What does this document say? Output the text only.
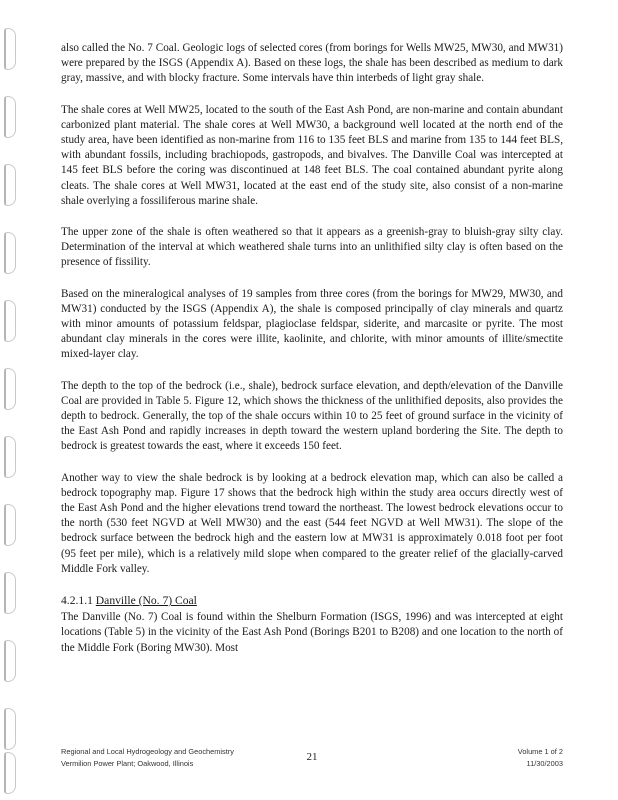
also called the No. 7 Coal. Geologic logs of selected cores (from borings for Wells MW25, MW30, and MW31) were prepared by the ISGS (Appendix A). Based on these logs, the shale has been described as medium to dark gray, massive, and with blocky fracture. Some intervals have thin interbeds of light gray shale.

The shale cores at Well MW25, located to the south of the East Ash Pond, are non-marine and contain abundant carbonized plant material. The shale cores at Well MW30, a background well located at the north end of the study area, have been identified as non-marine from 116 to 135 feet BLS and marine from 135 to 144 feet BLS, with abundant fossils, including brachiopods, gastropods, and bivalves. The Danville Coal was intercepted at 145 feet BLS before the coring was discontinued at 148 feet BLS. The coal contained abundant pyrite along cleats. The shale cores at Well MW31, located at the east end of the study site, also consist of a non-marine shale overlying a fossiliferous marine shale.

The upper zone of the shale is often weathered so that it appears as a greenish-gray to bluish-gray silty clay. Determination of the interval at which weathered shale turns into an unlithified silty clay is often based on the presence of fissility.

Based on the mineralogical analyses of 19 samples from three cores (from the borings for MW29, MW30, and MW31) conducted by the ISGS (Appendix A), the shale is composed principally of clay minerals and quartz with minor amounts of potassium feldspar, plagioclase feldspar, siderite, and marcasite or pyrite. The most abundant clay minerals in the cores were illite, kaolinite, and chlorite, with minor amounts of illite/smectite mixed-layer clay.

The depth to the top of the bedrock (i.e., shale), bedrock surface elevation, and depth/elevation of the Danville Coal are provided in Table 5. Figure 12, which shows the thickness of the unlithified deposits, also provides the depth to bedrock. Generally, the top of the shale occurs within 10 to 25 feet of ground surface in the vicinity of the East Ash Pond and rapidly increases in depth toward the western upland bordering the Site. The depth to bedrock is greatest towards the east, where it exceeds 150 feet.

Another way to view the shale bedrock is by looking at a bedrock elevation map, which can also be called a bedrock topography map. Figure 17 shows that the bedrock high within the study area occurs directly west of the East Ash Pond and the higher elevations trend toward the northeast. The lowest bedrock elevations occur to the north (530 feet NGVD at Well MW30) and the east (544 feet NGVD at Well MW31). The slope of the bedrock surface between the bedrock high and the eastern low at MW31 is approximately 0.018 foot per foot (95 feet per mile), which is a relatively mild slope when compared to the greater relief of the glacially-carved Middle Fork valley.

4.2.1.1 Danville (No. 7) Coal

The Danville (No. 7) Coal is found within the Shelburn Formation (ISGS, 1996) and was intercepted at eight locations (Table 5) in the vicinity of the East Ash Pond (Borings B201 to B208) and one location to the north of the Middle Fork (Boring MW30). Most

Regional and Local Hydrogeology and Geochemistry
Vermilion Power Plant; Oakwood, Illinois
21	Volume 1 of 2
11/30/2003
